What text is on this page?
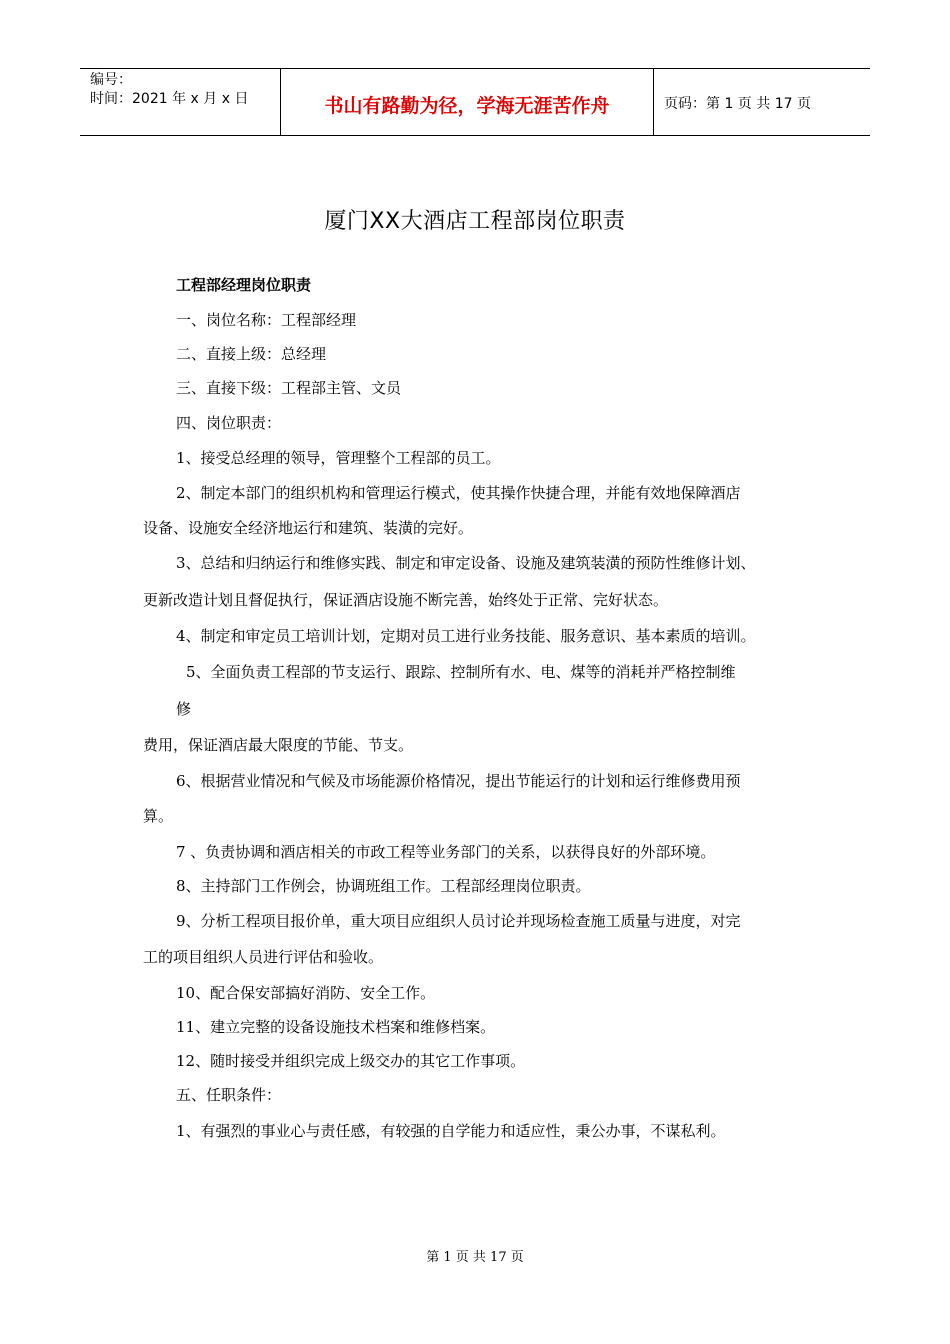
编号：
时间：2021 年 x 月 x 日	书山有路勤为径，学海无涯苦作舟	页码：第 1 页 共 17 页
厦门XX大酒店工程部岗位职责
工程部经理岗位职责
一、岗位名称：工程部经理
二、直接上级：总经理
三、直接下级：工程部主管、文员
四、岗位职责：
1、接受总经理的领导，管理整个工程部的员工。
2、制定本部门的组织机构和管理运行模式，使其操作快捷合理，并能有效地保障酒店
设备、设施安全经济地运行和建筑、装潢的完好。
3、总结和归纳运行和维修实践、制定和审定设备、设施及建筑装潢的预防性维修计划、
更新改造计划且督促执行，保证酒店设施不断完善，始终处于正常、完好状态。
4、制定和审定员工培训计划，定期对员工进行业务技能、服务意识、基本素质的培训。
5、全面负责工程部的节支运行、跟踪、控制所有水、电、煤等的消耗并严格控制维
修
费用，保证酒店最大限度的节能、节支。
6、根据营业情况和气候及市场能源价格情况，提出节能运行的计划和运行维修费用预
算。
7 、负责协调和酒店相关的市政工程等业务部门的关系，以获得良好的外部环境。
8、主持部门工作例会，协调班组工作。工程部经理岗位职责。
9、分析工程项目报价单，重大项目应组织人员讨论并现场检查施工质量与进度，对完
工的项目组织人员进行评估和验收。
10、配合保安部搞好消防、安全工作。
11、建立完整的设备设施技术档案和维修档案。
12、随时接受并组织完成上级交办的其它工作事项。
五、任职条件：
1、有强烈的事业心与责任感，有较强的自学能力和适应性，秉公办事，不谋私利。
第 1 页 共 17 页
